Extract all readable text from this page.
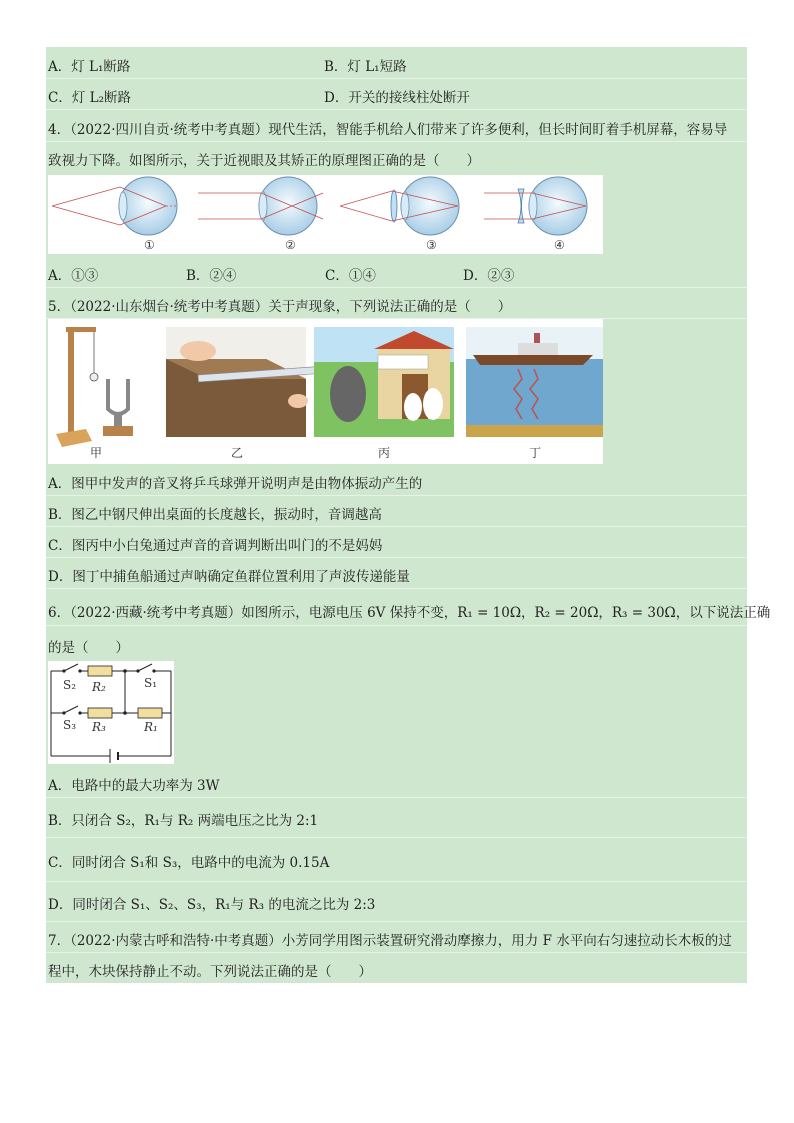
A．灯 L₁断路	B．灯 L₁短路
C．灯 L₂断路	D．开关的接线柱处断开
4．（2022·四川自贡·统考中考真题）现代生活，智能手机给人们带来了许多便利，但长时间盯着手机屏幕，容易导
致视力下降。如图所示，关于近视眼及其矫正的原理图正确的是（　　）
①	②	③	④
A．①③	B．②④	C．①④	D．②③
5．（2022·山东烟台·统考中考真题）关于声现象，下列说法正确的是（　　）
甲	乙	丙	丁
A．图甲中发声的音叉将乒乓球弹开说明声是由物体振动产生的
B．图乙中钢尺伸出桌面的长度越长，振动时，音调越高
C．图丙中小白兔通过声音的音调判断出叫门的不是妈妈
D．图丁中捕鱼船通过声呐确定鱼群位置利用了声波传递能量
6．（2022·西藏·统考中考真题）如图所示，电源电压 6V 保持不变，R₁ = 10Ω，R₂ = 20Ω，R₃ = 30Ω，以下说法正确
的是（　　）
S₂ R₂	S₁
S₃ R₃	R₁
A．电路中的最大功率为 3W
B．只闭合 S₂，R₁与 R₂ 两端电压之比为 2:1
C．同时闭合 S₁和 S₃，电路中的电流为 0.15A
D．同时闭合 S₁、S₂、S₃，R₁与 R₃ 的电流之比为 2:3
7．（2022·内蒙古呼和浩特·中考真题）小芳同学用图示装置研究滑动摩擦力，用力 F 水平向右匀速拉动长木板的过
程中，木块保持静止不动。下列说法正确的是（　　）
